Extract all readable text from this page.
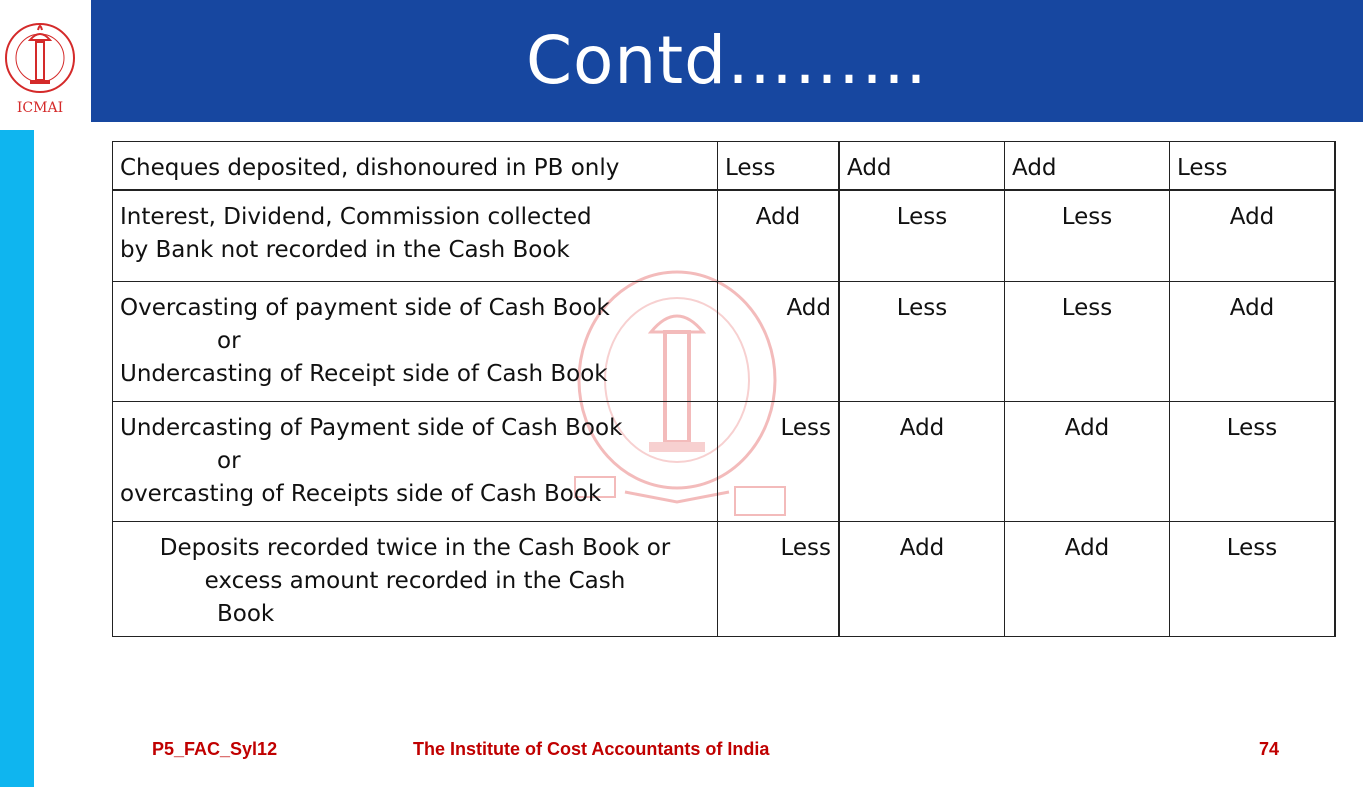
ICMAI
Contd………
Cheques deposited, dishonoured in PB only	Less	Add	Add	Less
Interest, Dividend, Commission collected
by Bank not recorded in the Cash Book	Add	Less	Less	Add
Overcasting of payment side of Cash Book

or
Undercasting of Receipt side of Cash Book	Add	Less	Less	Add
Undercasting of Payment side of Cash Book

or
overcasting of Receipts side of Cash Book	Less	Add	Add	Less
Deposits recorded twice in the Cash Book or
excess amount recorded in the Cash
Book	Less	Add	Add	Less
P5_FAC_Syl12	The Institute of Cost Accountants of India	74
